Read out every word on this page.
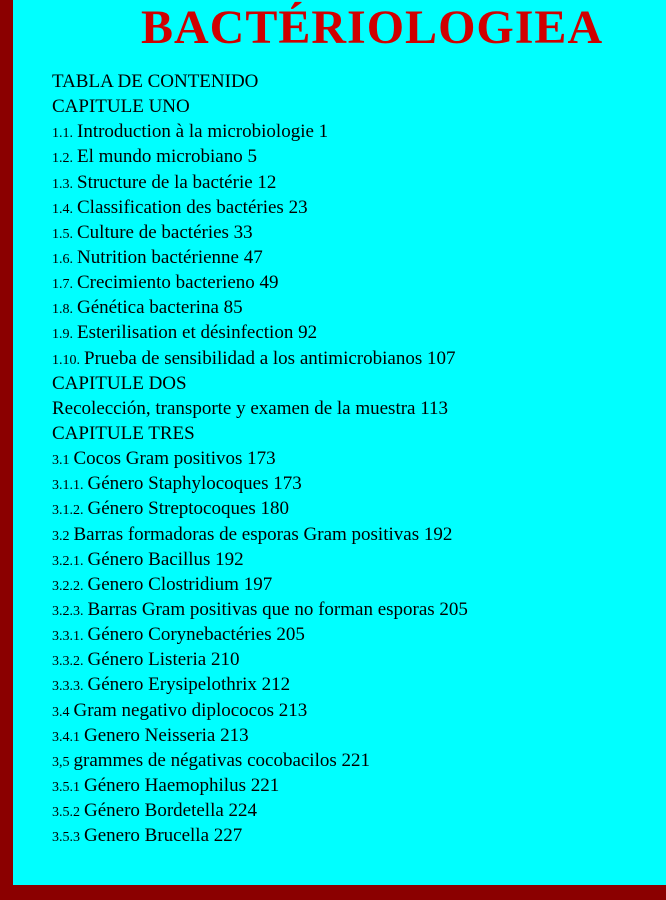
BACTÉRIOLOGIEA
TABLA DE CONTENIDO
CAPITULE UNO
1.1. Introduction à la microbiologie 1
1.2. El mundo microbiano 5
1.3. Structure de la bactérie 12
1.4. Classification des bactéries 23
1.5. Culture de bactéries 33
1.6. Nutrition bactérienne 47
1.7. Crecimiento bacterieno 49
1.8. Génética bacterina 85
1.9. Esterilisation et désinfection 92
1.10. Prueba de sensibilidad a los antimicrobianos 107
CAPITULE DOS
Recolección, transporte y examen de la muestra 113
CAPITULE TRES
3.1 Cocos Gram positivos 173
3.1.1. Género Staphylocoques 173
3.1.2. Género Streptocoques 180
3.2 Barras formadoras de esporas Gram positivas 192
3.2.1. Género Bacillus 192
3.2.2. Genero Clostridium 197
3.2.3. Barras Gram positivas que no forman esporas 205
3.3.1. Género Corynebactéries 205
3.3.2. Género Listeria 210
3.3.3. Género Erysipelothrix 212
3.4 Gram negativo diplococos 213
3.4.1 Genero Neisseria 213
3,5 grammes de négativas cocobacilos 221
3.5.1 Género Haemophilus 221
3.5.2 Género Bordetella 224
3.5.3 Genero Brucella 227
